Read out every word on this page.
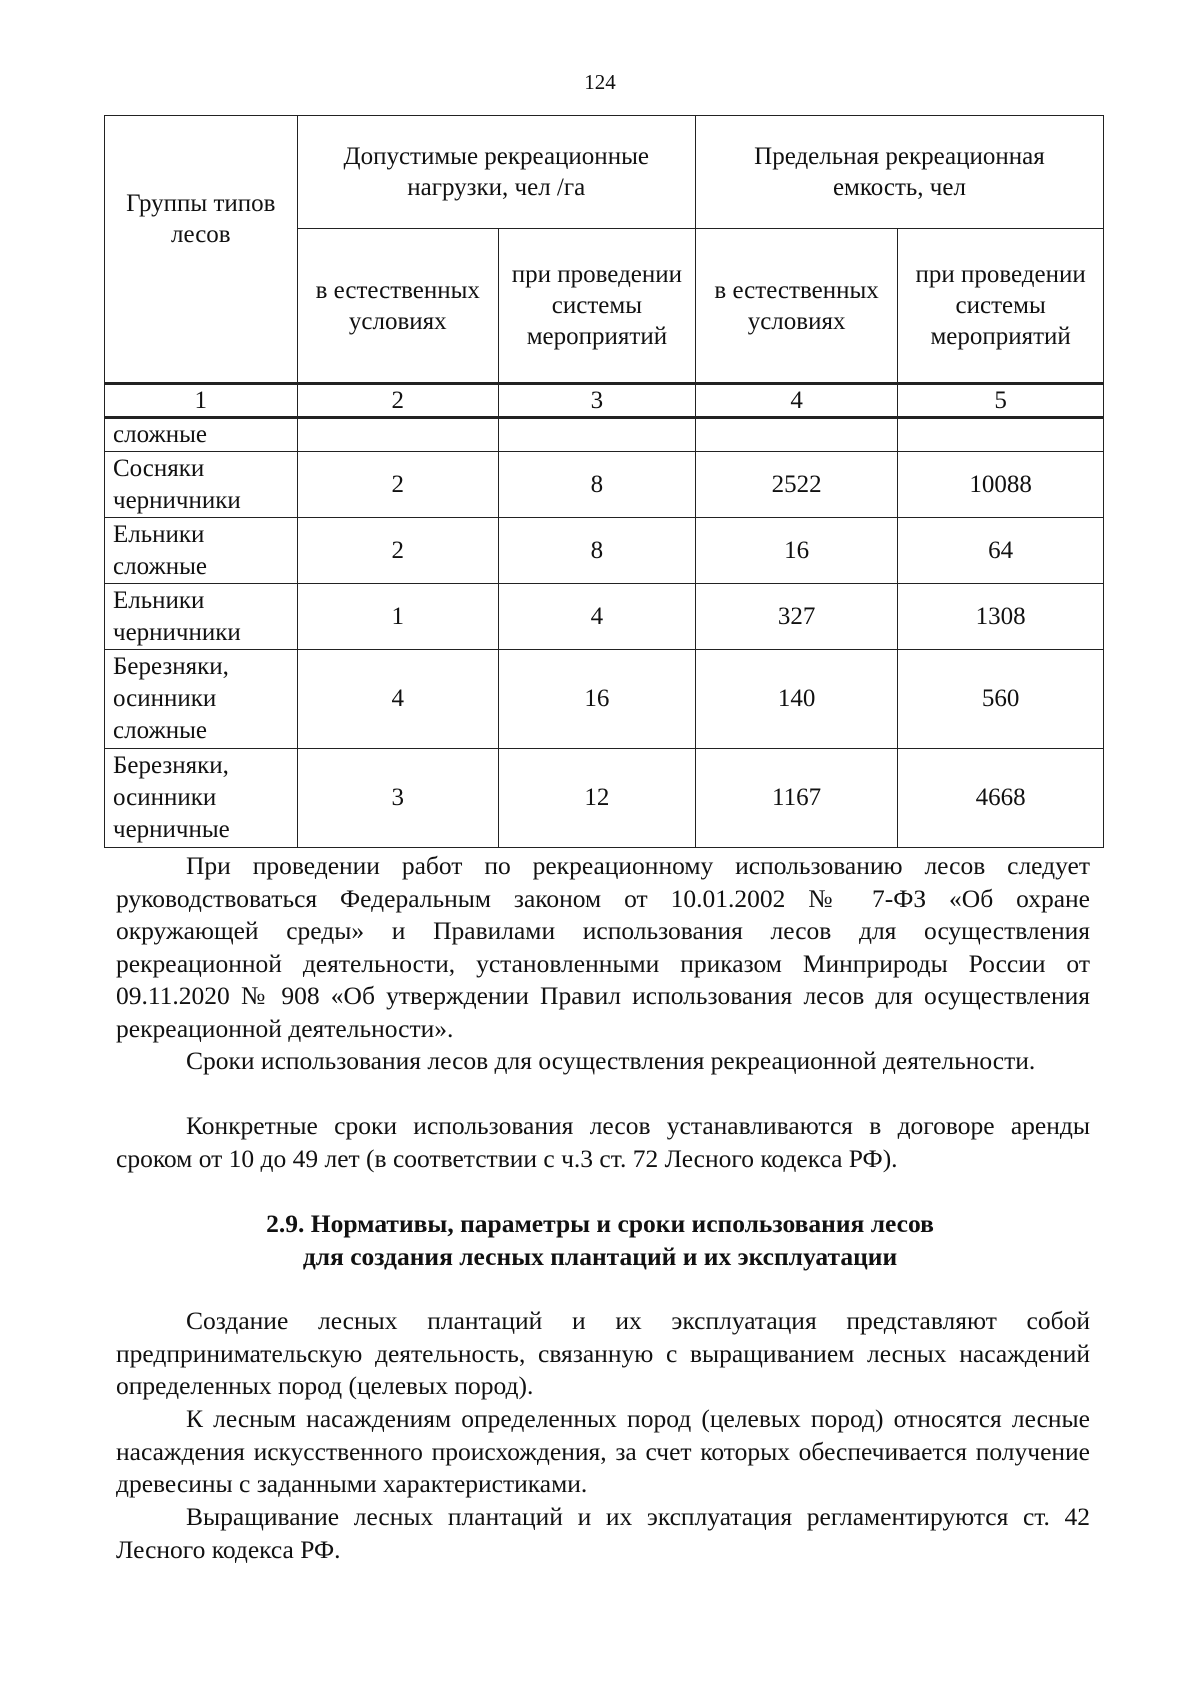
124
Группы типов лесов	Допустимые рекреационные нагрузки, чел /га		Предельная рекреационная емкость, чел	
	в естественных условиях	при проведении системы мероприятий	в естественных условиях	при проведении системы мероприятий
1	2	3	4	5
сложные				
Сосняки черничники	2	8	2522	10088
Ельники сложные	2	8	16	64
Ельники черничники	1	4	327	1308
Березняки, осинники сложные	4	16	140	560
Березняки, осинники черничные	3	12	1167	4668

При проведении работ по рекреационному использованию лесов следует руководствоваться Федеральным законом от 10.01.2002 № 7-ФЗ «Об охране окружающей среды» и Правилами использования лесов для осуществления рекреационной деятельности, установленными приказом Минприроды России от 09.11.2020 № 908 «Об утверждении Правил использования лесов для осуществления рекреационной деятельности».

Сроки использования лесов для осуществления рекреационной деятельности.

Конкретные сроки использования лесов устанавливаются в договоре аренды сроком от 10 до 49 лет (в соответствии с ч.3 ст. 72 Лесного кодекса РФ).

2.9. Нормативы, параметры и сроки использования лесов
для создания лесных плантаций и их эксплуатации

Создание лесных плантаций и их эксплуатация представляют собой предпринимательскую деятельность, связанную с выращиванием лесных насаждений определенных пород (целевых пород).

К лесным насаждениям определенных пород (целевых пород) относятся лесные насаждения искусственного происхождения, за счет которых обеспечивается получение древесины с заданными характеристиками.

Выращивание лесных плантаций и их эксплуатация регламентируются ст. 42 Лесного кодекса РФ.
